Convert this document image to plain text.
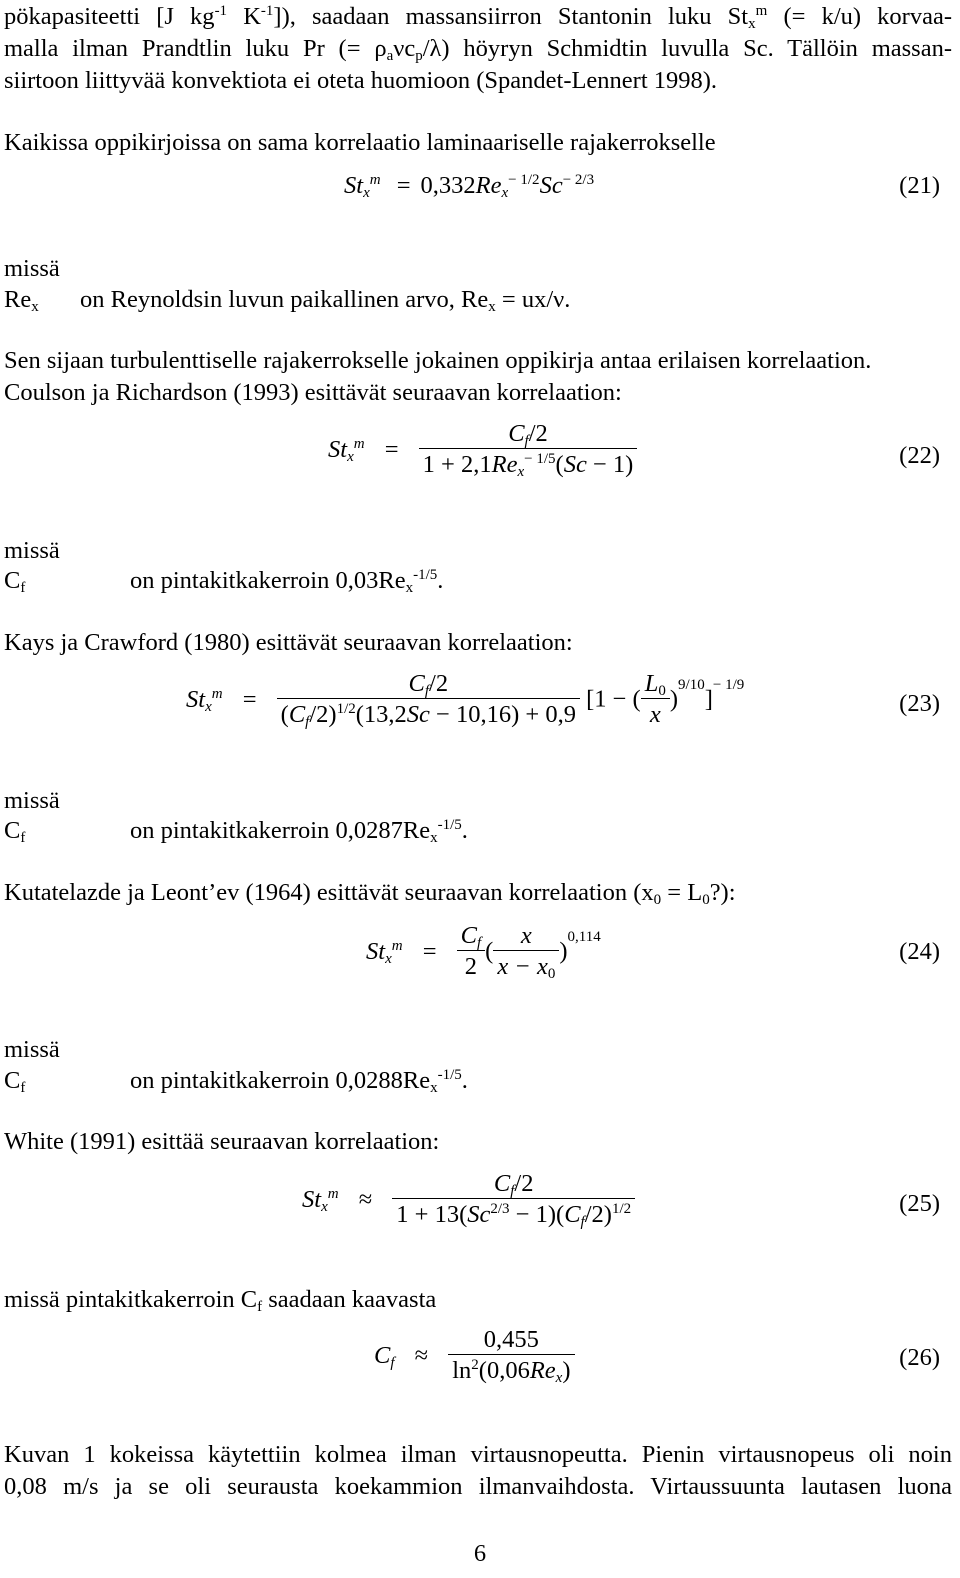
pökapasiteetti [J $kg^{-1}$ $K^{-1}$]), saadaan massansiirron Stantonin luku $St_x^m$ (= k/u) korvaa-
malla ilman Prandtlin luku Pr (= $\rho_a\nu c_p/\lambda$) höyryn Schmidtin luvulla Sc. Tällöin massan-
siirtoon liittyvää konvektiota ei oteta huomioon (Spandet-Lennert 1998).
Kaikissa oppikirjoissa on sama korrelaatio laminaariselle rajakerrokselle
$St_x^m = 0,332Re_x^{- 1/2}Sc^{- 2/3}$	(21)
missä
$Re_x$ on Reynoldsin luvun paikallinen arvo, $Re_x = ux/\nu$.
Sen sijaan turbulenttiselle rajakerrokselle jokainen oppikirja antaa erilaisen korrelaation.
Coulson ja Richardson (1993) esittävät seuraavan korrelaation:
$St_x^m = \frac{C_f/2}{1 + 2,1Re_x^{- 1/5}(Sc - 1)}$	(22)
missä
$C_f$	on pintakitkakerroin $0,03Re_x^{-1/5}$.
Kays ja Crawford (1980) esittävät seuraavan korrelaation:
$St_x^m = \frac{C_f/2}{(C_f/2)^{1/2}(13,2Sc - 10,16) + 0,9} [1$ − ( $\frac{L_0}{x} )^{9/10}]^{- 1/9}$
(23)
missä
$C_f$	on pintakitkakerroin $0,0287Re_x^{-1/5}$.
Kutatelazde ja Leont’ev (1964) esittävät seuraavan korrelaation ($x_0$ = $L_0$?):
$St_x^m = \frac{C_f}{2}$ ( $\frac{x}{x - x_0} )^{0,114}$
(24)
missä
$C_f$	on pintakitkakerroin $0,0288Re_x^{-1/5}$.
White (1991) esittää seuraavan korrelaation:
$St_x^m \approx \frac{C_f/2}{1 + 13(Sc^{2/3} - 1)(C_f/2)^{1/2}}$	(25)
missä pintakitkakerroin $C_f$ saadaan kaavasta
$C_f \approx \frac{0,455}{\ln^2(0,06Re_x)}$	(26)
Kuvan 1 kokeissa käytettiin kolmea ilman virtausnopeutta. Pienin virtausnopeus oli noin
0,08 m/s ja se oli seurausta koekammion ilmanvaihdosta. Virtaussuunta lautasen luona
6
